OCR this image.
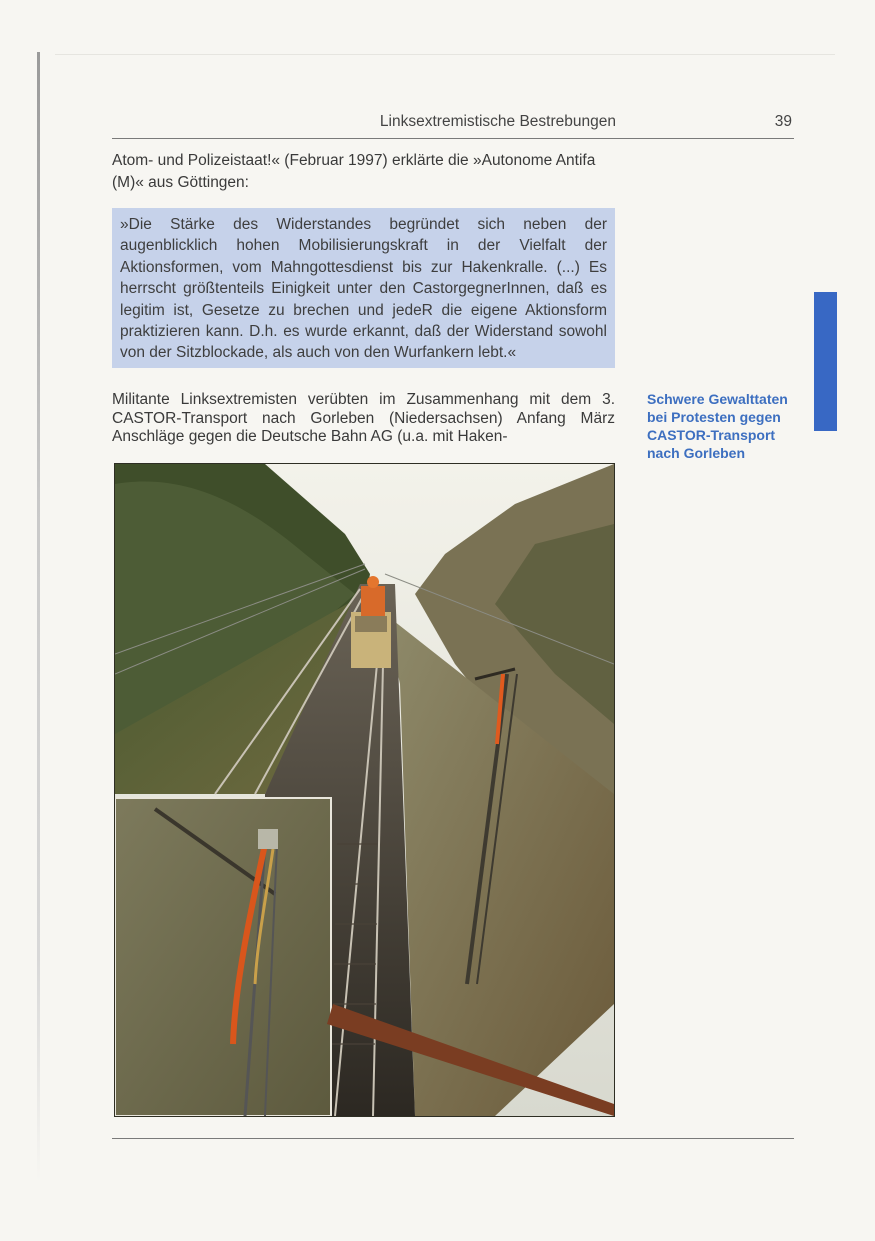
Linksextremistische Bestrebungen	39

Atom- und Polizeistaat!« (Februar 1997) erklärte die »Autonome Antifa (M)« aus Göttingen:

»Die Stärke des Widerstandes begründet sich neben der augenblicklich hohen Mobilisierungskraft in der Vielfalt der Aktionsformen, vom Mahngottesdienst bis zur Hakenkralle. (...) Es herrscht größtenteils Einigkeit unter den CastorgegnerInnen, daß es legitim ist, Gesetze zu brechen und jedeR die eigene Aktionsform praktizieren kann. D.h. es wurde erkannt, daß der Widerstand sowohl von der Sitzblockade, als auch von den Wurfankern lebt.«

Militante Linksextremisten verübten im Zusammenhang mit dem 3. CASTOR-Transport nach Gorleben (Niedersachsen) Anfang März Anschläge gegen die Deutsche Bahn AG (u.a. mit Haken-

Schwere Gewalttaten bei Protesten gegen CASTOR-Transport nach Gorleben
